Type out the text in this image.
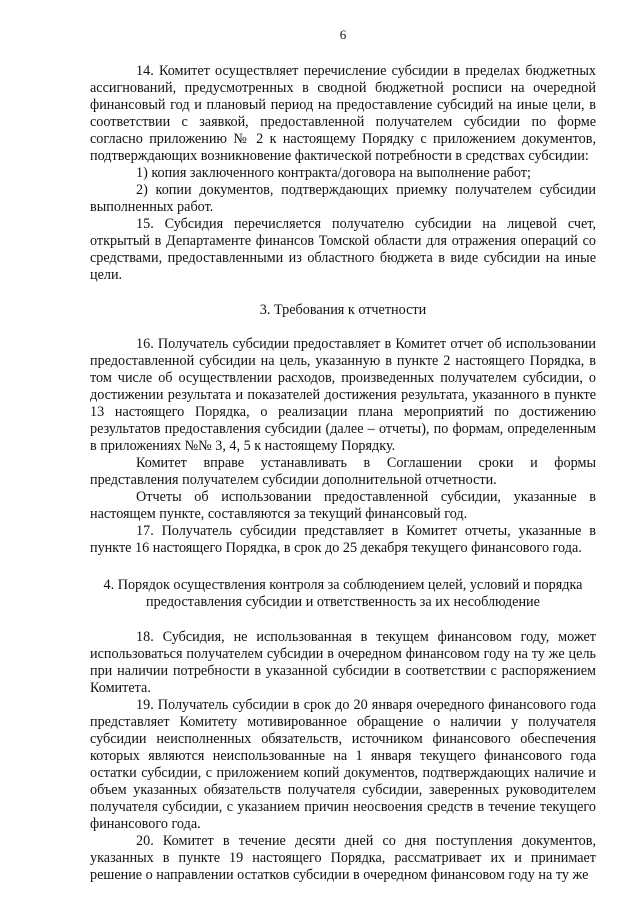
6

14. Комитет осуществляет перечисление субсидии в пределах бюджетных ассигнований, предусмотренных в сводной бюджетной росписи на очередной финансовый год и плановый период на предоставление субсидий на иные цели, в соответствии с заявкой, предоставленной получателем субсидии по форме согласно приложению № 2 к настоящему Порядку с приложением документов, подтверждающих возникновение фактической потребности в средствах субсидии:

1) копия заключенного контракта/договора на выполнение работ;

2) копии документов, подтверждающих приемку получателем субсидии выполненных работ.

15. Субсидия перечисляется получателю субсидии на лицевой счет, открытый в Департаменте финансов Томской области для отражения операций со средствами, предоставленными из областного бюджета в виде субсидии на иные цели.

3. Требования к отчетности

16. Получатель субсидии предоставляет в Комитет отчет об использовании предоставленной субсидии на цель, указанную в пункте 2 настоящего Порядка, в том числе об осуществлении расходов, произведенных получателем субсидии, о достижении результата и показателей достижения результата, указанного в пункте 13 настоящего Порядка, о реализации плана мероприятий по достижению результатов предоставления субсидии (далее – отчеты), по формам, определенным в приложениях №№ 3, 4, 5 к настоящему Порядку.

Комитет вправе устанавливать в Соглашении сроки и формы представления получателем субсидии дополнительной отчетности.

Отчеты об использовании предоставленной субсидии, указанные в настоящем пункте, составляются за текущий финансовый год.

17. Получатель субсидии представляет в Комитет отчеты, указанные в пункте 16 настоящего Порядка, в срок до 25 декабря текущего финансового года.

4. Порядок осуществления контроля за соблюдением целей, условий и порядка предоставления субсидии и ответственность за их несоблюдение

18. Субсидия, не использованная в текущем финансовом году, может использоваться получателем субсидии в очередном финансовом году на ту же цель при наличии потребности в указанной субсидии в соответствии с распоряжением Комитета.

19. Получатель субсидии в срок до 20 января очередного финансового года представляет Комитету мотивированное обращение о наличии у получателя субсидии неисполненных обязательств, источником финансового обеспечения которых являются неиспользованные на 1 января текущего финансового года остатки субсидии, с приложением копий документов, подтверждающих наличие и объем указанных обязательств получателя субсидии, заверенных руководителем получателя субсидии, с указанием причин неосвоения средств в течение текущего финансового года.

20. Комитет в течение десяти дней со дня поступления документов, указанных в пункте 19 настоящего Порядка, рассматривает их и принимает решение о направлении остатков субсидии в очередном финансовом году на ту же
